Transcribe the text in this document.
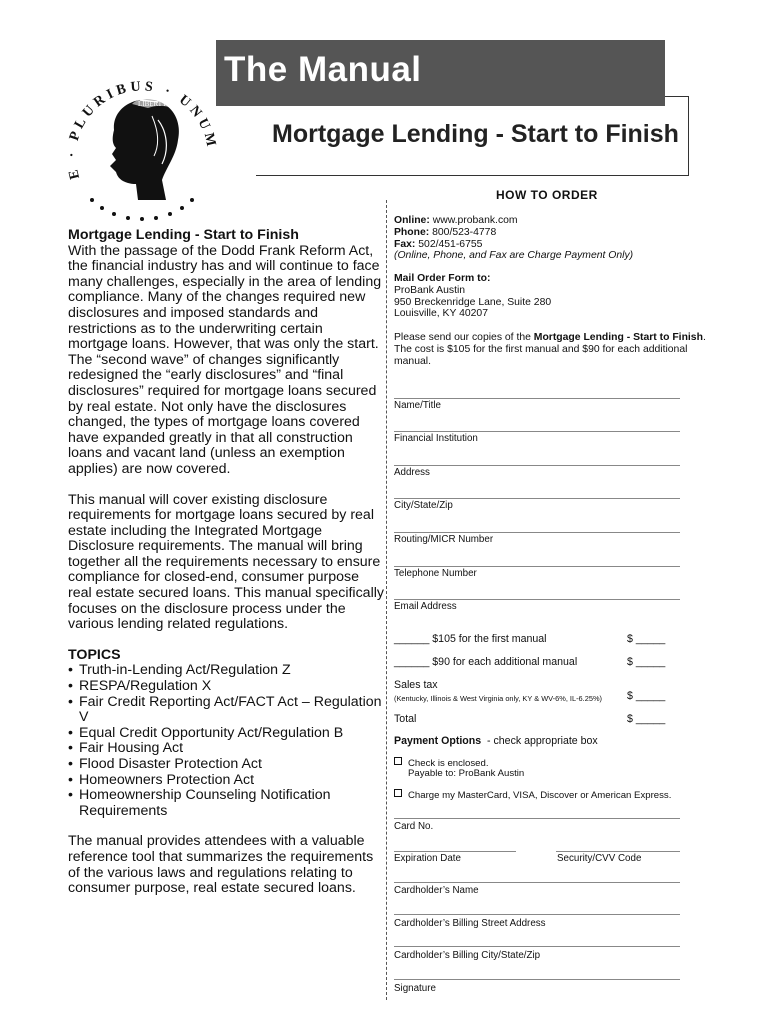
The Manual
Mortgage Lending - Start to Finish
E · PLURIBUS · UNUM
LIBERTY
Mortgage Lending - Start to Finish

With the passage of the Dodd Frank Reform Act, the financial industry has and will continue to face many challenges, especially in the area of lending compliance. Many of the changes required new disclosures and imposed standards and restrictions as to the underwriting certain mortgage loans. However, that was only the start. The “second wave” of changes significantly redesigned the “early disclosures” and “final disclosures” required for mortgage loans secured by real estate. Not only have the disclosures changed, the types of mortgage loans covered have expanded greatly in that all construction loans and vacant land (unless an exemption applies) are now covered.

This manual will cover existing disclosure requirements for mortgage loans secured by real estate including the Integrated Mortgage Disclosure requirements. The manual will bring together all the requirements necessary to ensure compliance for closed-end, consumer purpose real estate secured loans. This manual specifically focuses on the disclosure process under the various lending related regulations.

TOPICS
• Truth-in-Lending Act/Regulation Z
• RESPA/Regulation X
• Fair Credit Reporting Act/FACT Act – Regulation V
• Equal Credit Opportunity Act/Regulation B
• Fair Housing Act
• Flood Disaster Protection Act
• Homeowners Protection Act
• Homeownership Counseling Notification Requirements

The manual provides attendees with a valuable reference tool that summarizes the requirements of the various laws and regulations relating to consumer purpose, real estate secured loans.

HOW TO ORDER
Online: www.probank.com
Phone: 800/523-4778
Fax: 502/451-6755
(Online, Phone, and Fax are Charge Payment Only)
Mail Order Form to:
ProBank Austin
950 Breckenridge Lane, Suite 280
Louisville, KY 40207
Please send our copies of the Mortgage Lending - Start to Finish. The cost is $105 for the first manual and $90 for each additional manual.
Name/Title
Financial Institution
Address
City/State/Zip
Routing/MICR Number
Telephone Number
Email Address
______ $105 for the first manual	$ _____
______ $90 for each additional manual	$ _____
Sales tax
(Kentucky, Illinois & West Virginia only, KY & WV-6%, IL-6.25%) $ _____
Total	$ _____
Payment Options - check appropriate box
Check is enclosed.
Payable to: ProBank Austin
Charge my MasterCard, VISA, Discover or American Express.
Card No.
Expiration Date	Security/CVV Code
Cardholder’s Name
Cardholder’s Billing Street Address
Cardholder’s Billing City/State/Zip
Signature
